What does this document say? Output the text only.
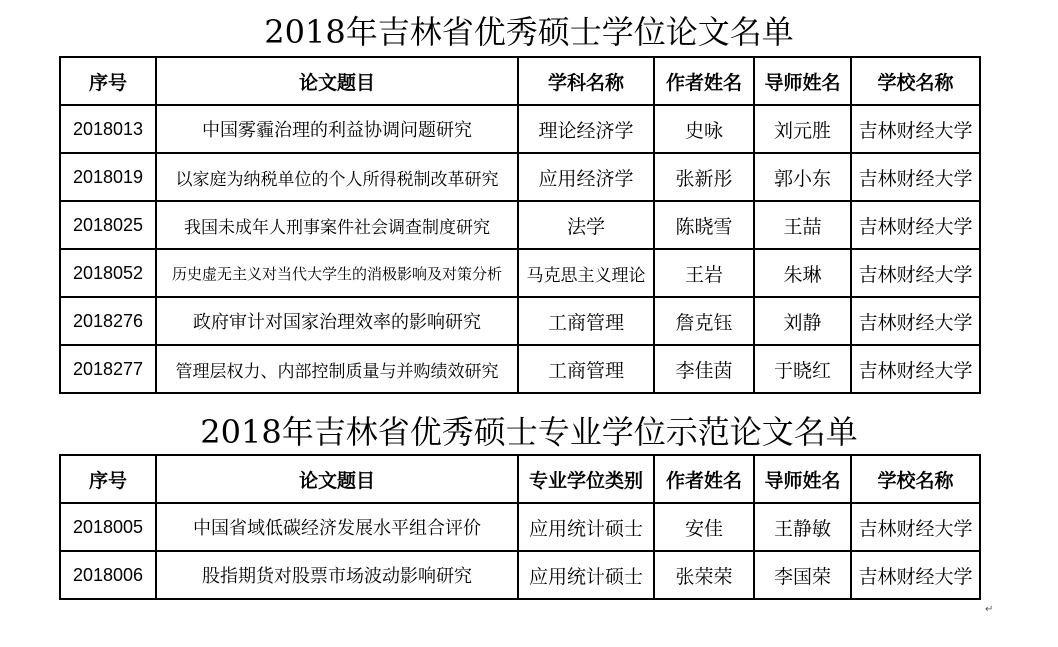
2018年吉林省优秀硕士学位论文名单
序号	论文题目	学科名称	作者姓名	导师姓名	学校名称
2018013	中国雾霾治理的利益协调问题研究	理论经济学	史咏	刘元胜	吉林财经大学
2018019	以家庭为纳税单位的个人所得税制改革研究	应用经济学	张新彤	郭小东	吉林财经大学
2018025	我国未成年人刑事案件社会调查制度研究	法学	陈晓雪	王喆	吉林财经大学
2018052	历史虚无主义对当代大学生的消极影响及对策分析	马克思主义理论	王岩	朱琳	吉林财经大学
2018276	政府审计对国家治理效率的影响研究	工商管理	詹克钰	刘静	吉林财经大学
2018277	管理层权力、内部控制质量与并购绩效研究	工商管理	李佳茵	于晓红	吉林财经大学
2018年吉林省优秀硕士专业学位示范论文名单
序号	论文题目	专业学位类别	作者姓名	导师姓名	学校名称
2018005	中国省域低碳经济发展水平组合评价	应用统计硕士	安佳	王静敏	吉林财经大学
2018006	股指期货对股票市场波动影响研究	应用统计硕士	张荣荣	李国荣	吉林财经大学
↵
